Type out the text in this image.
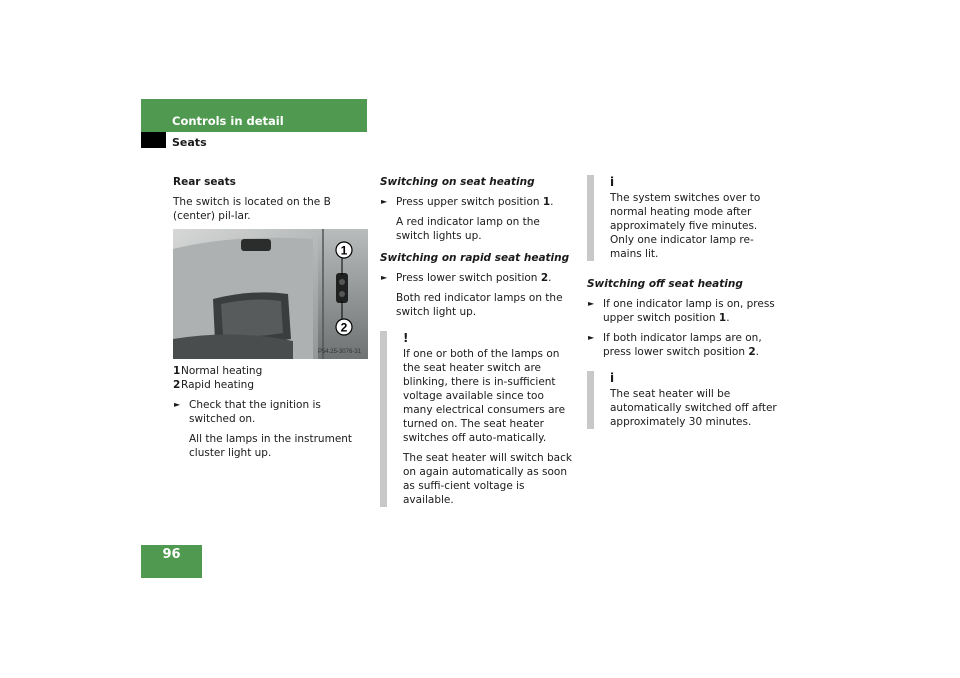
Controls in detail
Seats

Rear seats

The switch is located on the B (center) pil-lar.

1
2
P54.25-3076-31
1Normal heating
2Rapid heating
► Check that the ignition is switched on.

All the lamps in the instrument cluster light up.

Switching on seat heating

► Press upper switch position 1.

A red indicator lamp on the switch lights up.

Switching on rapid seat heating

► Press lower switch position 2.

Both red indicator lamps on the switch light up.

!

If one or both of the lamps on the seat heater switch are blinking, there is in-sufficient voltage available since too many electrical consumers are turned on. The seat heater switches off auto-matically.

The seat heater will switch back on again automatically as soon as suffi-cient voltage is available.

i

The system switches over to normal heating mode after approximately five minutes. Only one indicator lamp re-mains lit.

Switching off seat heating

► If one indicator lamp is on, press upper switch position 1.
► If both indicator lamps are on, press lower switch position 2.
i

The seat heater will be automatically switched off after approximately 30 minutes.

96
